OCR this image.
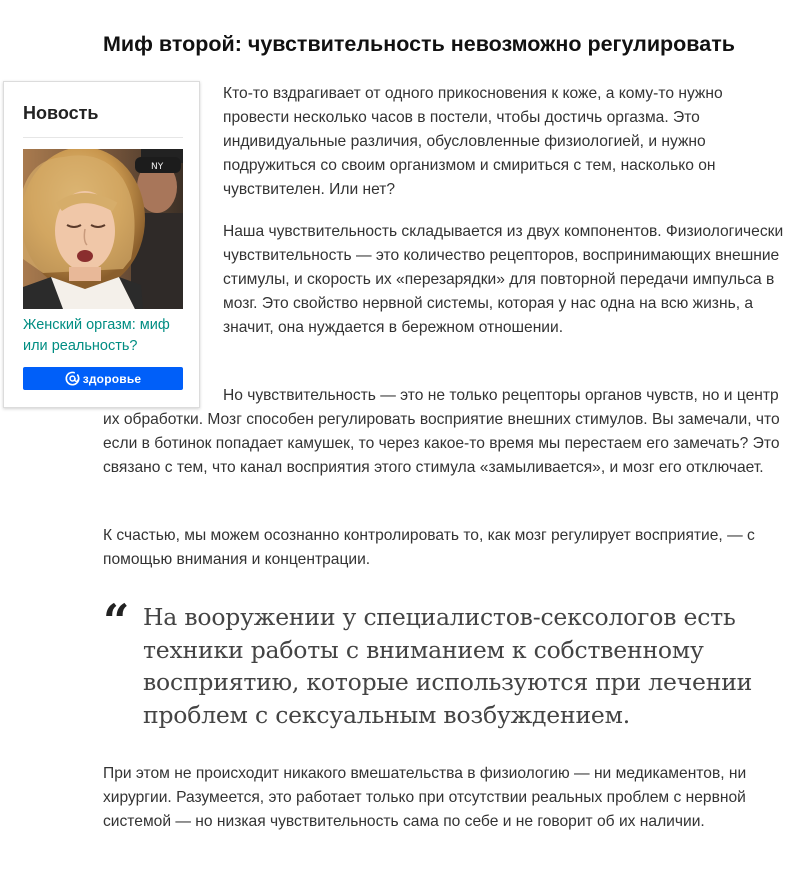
Миф второй: чувствительность невозможно регулировать
Новость
NY
Женский оргазм: миф или реальность?
здоровье

Кто-то вздрагивает от одного прикосновения к коже, а кому-то нужно провести несколько часов в постели, чтобы достичь оргазма. Это индивидуальные различия, обусловленные физиологией, и нужно подружиться со своим организмом и смириться с тем, насколько он чувствителен. Или нет?

Наша чувствительность складывается из двух компонентов. Физиологически чувствительность — это количество рецепторов, воспринимающих внешние стимулы, и скорость их «перезарядки» для повторной передачи импульса в мозг. Это свойство нервной системы, которая у нас одна на всю жизнь, а значит, она нуждается в бережном отношении.

Но чувствительность — это не только рецепторы органов чувств, но и центр их обработки. Мозг способен регулировать восприятие внешних стимулов. Вы замечали, что если в ботинок попадает камушек, то через какое-то время мы перестаем его замечать? Это связано с тем, что канал восприятия этого стимула «замыливается», и мозг его отключает.

К счастью, мы можем осознанно контролировать то, как мозг регулирует восприятие, — с помощью внимания и концентрации.

“ На вооружении у специалистов-сексологов есть техники работы с вниманием к собственному восприятию, которые используются при лечении проблем с сексуальным возбуждением.

При этом не происходит никакого вмешательства в физиологию — ни медикаментов, ни хирургии. Разумеется, это работает только при отсутствии реальных проблем с нервной системой — но низкая чувствительность сама по себе и не говорит об их наличии.
